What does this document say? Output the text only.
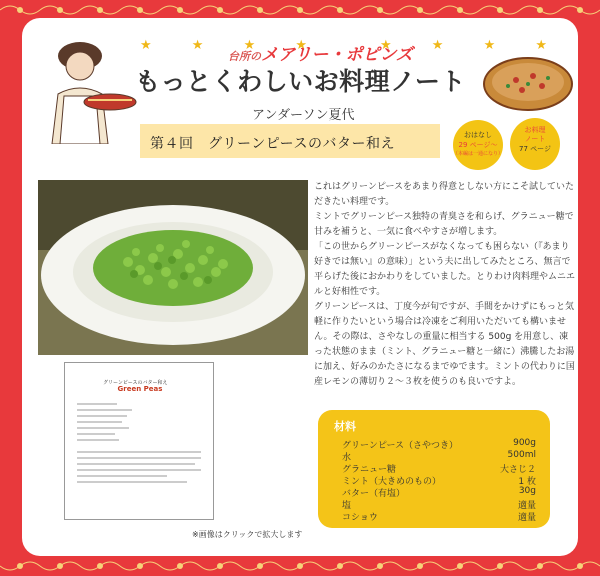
★ ★ ★ ★	★ ★ ★ ★
台所のメアリー・ポピンズ
もっとくわしいお料理ノート
アンダーソン夏代
第４回　グリーンピースのバター和え
おはなし
29 ページ〜
（本編は一通になり）
お料理
ノート
77 ページ
グリーンピースのバター和え
Green Peas
※画像はクリックで拡大します

これはグリーンピースをあまり得意としない方にこそ試していただきたい料理です。

ミントでグリーンピース独特の青臭さを和らげ、グラニュー糖で甘みを補うと、一気に食べやすさが増します。

「この世からグリーンピースがなくなっても困らない（『あまり好きでは無い』の意味）」という夫に出してみたところ、無言で平らげた後におかわりをしていました。とりわけ肉料理やムニエルと好相性です。

グリーンピースは、丁度今が旬ですが、手間をかけずにもっと気軽に作りたいという場合は冷凍をご利用いただいても構いません。その際は、さやなしの重量に相当する 500g を用意し、凍った状態のまま（ミント、グラニュー糖と一緒に）沸騰したお湯に加え、好みのかたさになるまでゆでます。ミントの代わりに国産レモンの薄切り２〜３枚を使うのも良いですよ。

材料
グリーンピース（さやつき）	900g
水	500ml
グラニュー糖	大さじ２
ミント（大きめのもの）	1 枚
バター（有塩）	30g
塩	適量
コショウ	適量
